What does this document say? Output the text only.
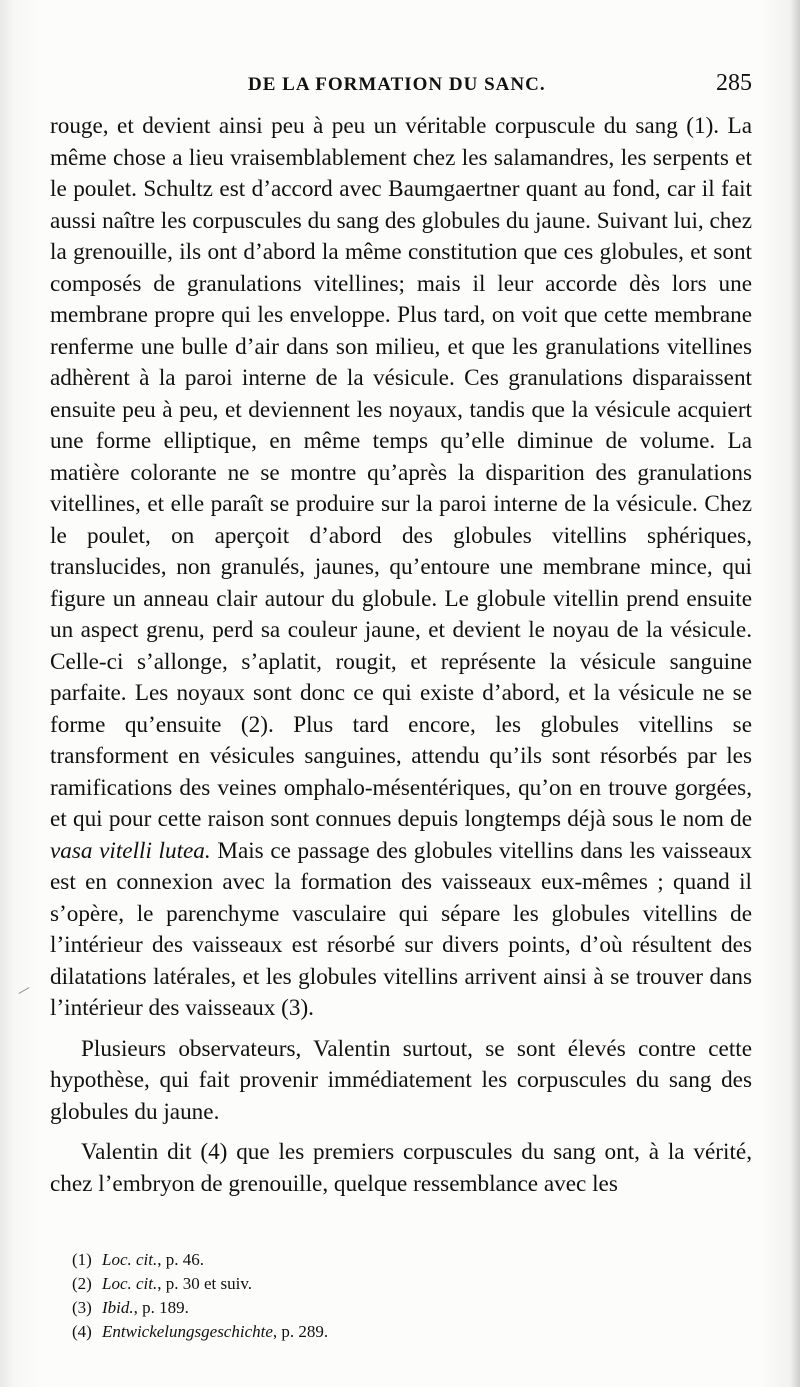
DE LA FORMATION DU SANC.	285

rouge, et devient ainsi peu à peu un véritable corpuscule du sang (1). La même chose a lieu vraisemblablement chez les salamandres, les serpents et le poulet. Schultz est d’accord avec Baumgaertner quant au fond, car il fait aussi naître les corpuscules du sang des globules du jaune. Suivant lui, chez la grenouille, ils ont d’abord la même constitution que ces globules, et sont composés de granulations vitellines; mais il leur accorde dès lors une membrane propre qui les enveloppe. Plus tard, on voit que cette membrane renferme une bulle d’air dans son milieu, et que les granulations vitellines adhèrent à la paroi interne de la vésicule. Ces granulations disparaissent ensuite peu à peu, et deviennent les noyaux, tandis que la vésicule acquiert une forme elliptique, en même temps qu’elle diminue de volume. La matière colorante ne se montre qu’après la disparition des granulations vitellines, et elle paraît se produire sur la paroi interne de la vésicule. Chez le poulet, on aperçoit d’abord des globules vitellins sphériques, translucides, non granulés, jaunes, qu’entoure une membrane mince, qui figure un anneau clair autour du globule. Le globule vitellin prend ensuite un aspect grenu, perd sa couleur jaune, et devient le noyau de la vésicule. Celle-ci s’allonge, s’aplatit, rougit, et représente la vésicule sanguine parfaite. Les noyaux sont donc ce qui existe d’abord, et la vésicule ne se forme qu’ensuite (2). Plus tard encore, les globules vitellins se transforment en vésicules sanguines, attendu qu’ils sont résorbés par les ramifications des veines omphalo-mésentériques, qu’on en trouve gorgées, et qui pour cette raison sont connues depuis longtemps déjà sous le nom de vasa vitelli lutea. Mais ce passage des globules vitellins dans les vaisseaux est en connexion avec la formation des vaisseaux eux-mêmes ; quand il s’opère, le parenchyme vasculaire qui sépare les globules vitellins de l’intérieur des vaisseaux est résorbé sur divers points, d’où résultent des dilatations latérales, et les globules vitellins arrivent ainsi à se trouver dans l’intérieur des vaisseaux (3).

Plusieurs observateurs, Valentin surtout, se sont élevés contre cette hypothèse, qui fait provenir immédiatement les corpuscules du sang des globules du jaune.

Valentin dit (4) que les premiers corpuscules du sang ont, à la vérité, chez l’embryon de grenouille, quelque ressemblance avec les

(1) Loc. cit., p. 46.
(2) Loc. cit., p. 30 et suiv.
(3) Ibid., p. 189.
(4) Entwickelungsgeschichte, p. 289.
